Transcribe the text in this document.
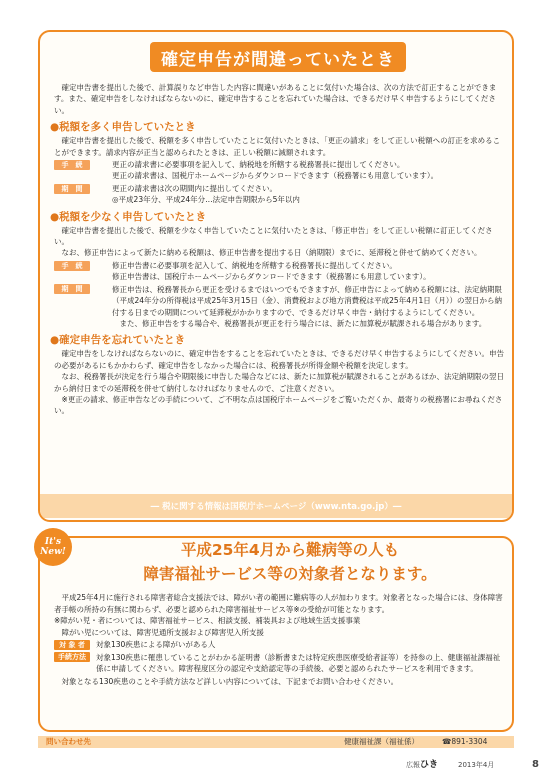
確定申告が間違っていたとき

確定申告書を提出した後で、計算誤りなど申告した内容に間違いがあることに気付いた場合は、次の方法で訂正することができます。また、確定申告をしなければならないのに、確定申告することを忘れていた場合は、できるだけ早く申告するようにしてください。

●税額を多く申告していたとき

確定申告書を提出した後で、税額を多く申告していたことに気付いたときは、「更正の請求」をして正しい税額への訂正を求めることができます。請求内容が正当と認められたときは、正しい税額に減額されます。

手　続	更正の請求書に必要事項を記入して、納税地を所轄する税務署長に提出してください。
更正の請求書は、国税庁ホームページからダウンロードできます（税務署にも用意しています）。
期　間	更正の請求書は次の期間内に提出してください。
◎平成23年分、平成24年分…法定申告期限から5年以内
●税額を少なく申告していたとき

確定申告書を提出した後で、税額を少なく申告していたことに気付いたときは、「修正申告」をして正しい税額に訂正してください。

なお、修正申告によって新たに納める税額は、修正申告書を提出する日（納期限）までに、延滞税と併せて納めてください。

手　続	修正申告書に必要事項を記入して、納税地を所轄する税務署長に提出してください。
修正申告書は、国税庁ホームページからダウンロードできます（税務署にも用意しています）。
期　間	修正申告は、税務署長から更正を受けるまではいつでもできますが、修正申告によって納める税額には、法定納期限（平成24年分の所得税は平成25年3月15日（金）、消費税および地方消費税は平成25年4月1日（月））の翌日から納付する日までの期間について延滞税がかかりますので、できるだけ早く申告・納付するようにしてください。
また、修正申告をする場合や、税務署長が更正を行う場合には、新たに加算税が賦課される場合があります。
●確定申告を忘れていたとき

確定申告をしなければならないのに、確定申告をすることを忘れていたときは、できるだけ早く申告するようにしてください。申告の必要があるにもかかわらず、確定申告をしなかった場合には、税務署長が所得金額や税額を決定します。

なお、税務署長が決定を行う場合や期限後に申告した場合などには、新たに加算税が賦課されることがあるほか、法定納期限の翌日から納付日までの延滞税を併せて納付しなければなりませんので、ご注意ください。

※更正の請求、修正申告などの手続について、ご不明な点は国税庁ホームページをご覧いただくか、最寄りの税務署にお尋ねください。

― 税に関する情報は国税庁ホームページ（www.nta.go.jp）―
It's
New!	平成25年4月から難病等の人も
障害福祉サービス等の対象者となります。

平成25年4月に施行される障害者総合支援法では、障がい者の範囲に難病等の人が加わります。対象者となった場合には、身体障害者手帳の所持の有無に関わらず、必要と認められた障害福祉サービス等※の受給が可能となります。

※障がい児・者については、障害福祉サービス、相談支援、補装具および地域生活支援事業
障がい児については、障害児通所支援および障害児入所支援
対 象 者	対象130疾患による障がいがある人
手続方法	対象130疾患に罹患していることがわかる証明書（診断書または特定疾患医療受給者証等）を持参の上、健康福祉課福祉係に申請してください。障害程度区分の認定や支給認定等の手続後、必要と認められたサービスを利用できます。

対象となる130疾患のことや手続方法など詳しい内容については、下記までお問い合わせください。

問い合わせ先	健康福祉課（福祉係）	☎891-3304
広報 ひき	2013年4月	8
